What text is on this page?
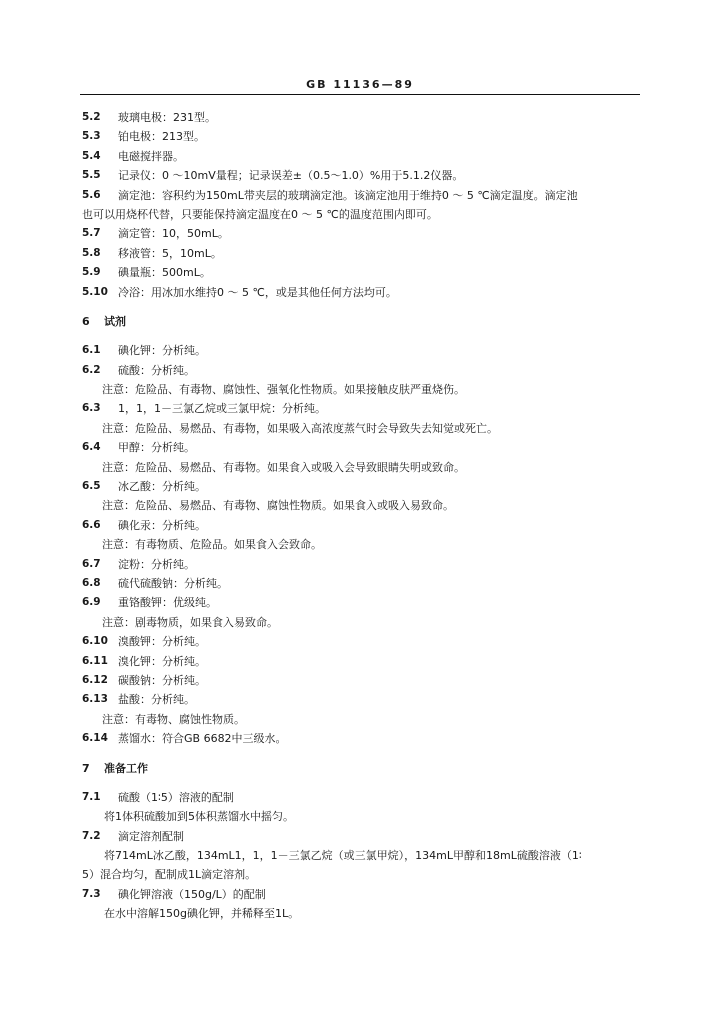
GB 11136—89
5.2 玻璃电极：231型。
5.3 铂电极：213型。
5.4 电磁搅拌器。
5.5 记录仪：0 ～10mV量程；记录误差±（0.5～1.0）%用于5.1.2仪器。
5.6 滴定池：容积约为150mL带夹层的玻璃滴定池。该滴定池用于维持0 ～ 5 ℃滴定温度。滴定池
也可以用烧杯代替，只要能保持滴定温度在0 ～ 5 ℃的温度范围内即可。
5.7 滴定管：10，50mL。
5.8 移液管：5，10mL。
5.9 碘量瓶：500mL。
5.10 冷浴：用冰加水维持0 ～ 5 ℃，或是其他任何方法均可。
6 试剂
6.1 碘化钾：分析纯。
6.2 硫酸：分析纯。
注意：危险品、有毒物、腐蚀性、强氧化性物质。如果接触皮肤严重烧伤。
6.3 1，1，1－三氯乙烷或三氯甲烷：分析纯。
注意：危险品、易燃品、有毒物，如果吸入高浓度蒸气时会导致失去知觉或死亡。
6.4 甲醇：分析纯。
注意：危险品、易燃品、有毒物。如果食入或吸入会导致眼睛失明或致命。
6.5 冰乙酸：分析纯。
注意：危险品、易燃品、有毒物、腐蚀性物质。如果食入或吸入易致命。
6.6 碘化汞：分析纯。
注意：有毒物质、危险品。如果食入会致命。
6.7 淀粉：分析纯。
6.8 硫代硫酸钠：分析纯。
6.9 重铬酸钾：优级纯。
注意：剧毒物质，如果食入易致命。
6.10 溴酸钾：分析纯。
6.11 溴化钾：分析纯。
6.12 碳酸钠：分析纯。
6.13 盐酸：分析纯。
注意：有毒物、腐蚀性物质。
6.14 蒸馏水：符合GB 6682中三级水。
7 准备工作
7.1 硫酸（1∶5）溶液的配制
将1体积硫酸加到5体积蒸馏水中摇匀。
7.2 滴定溶剂配制
将714mL冰乙酸，134mL1，1，1－三氯乙烷（或三氯甲烷），134mL甲醇和18mL硫酸溶液（1∶
5）混合均匀，配制成1L滴定溶剂。
7.3 碘化钾溶液（150g/L）的配制
在水中溶解150g碘化钾，并稀释至1L。
